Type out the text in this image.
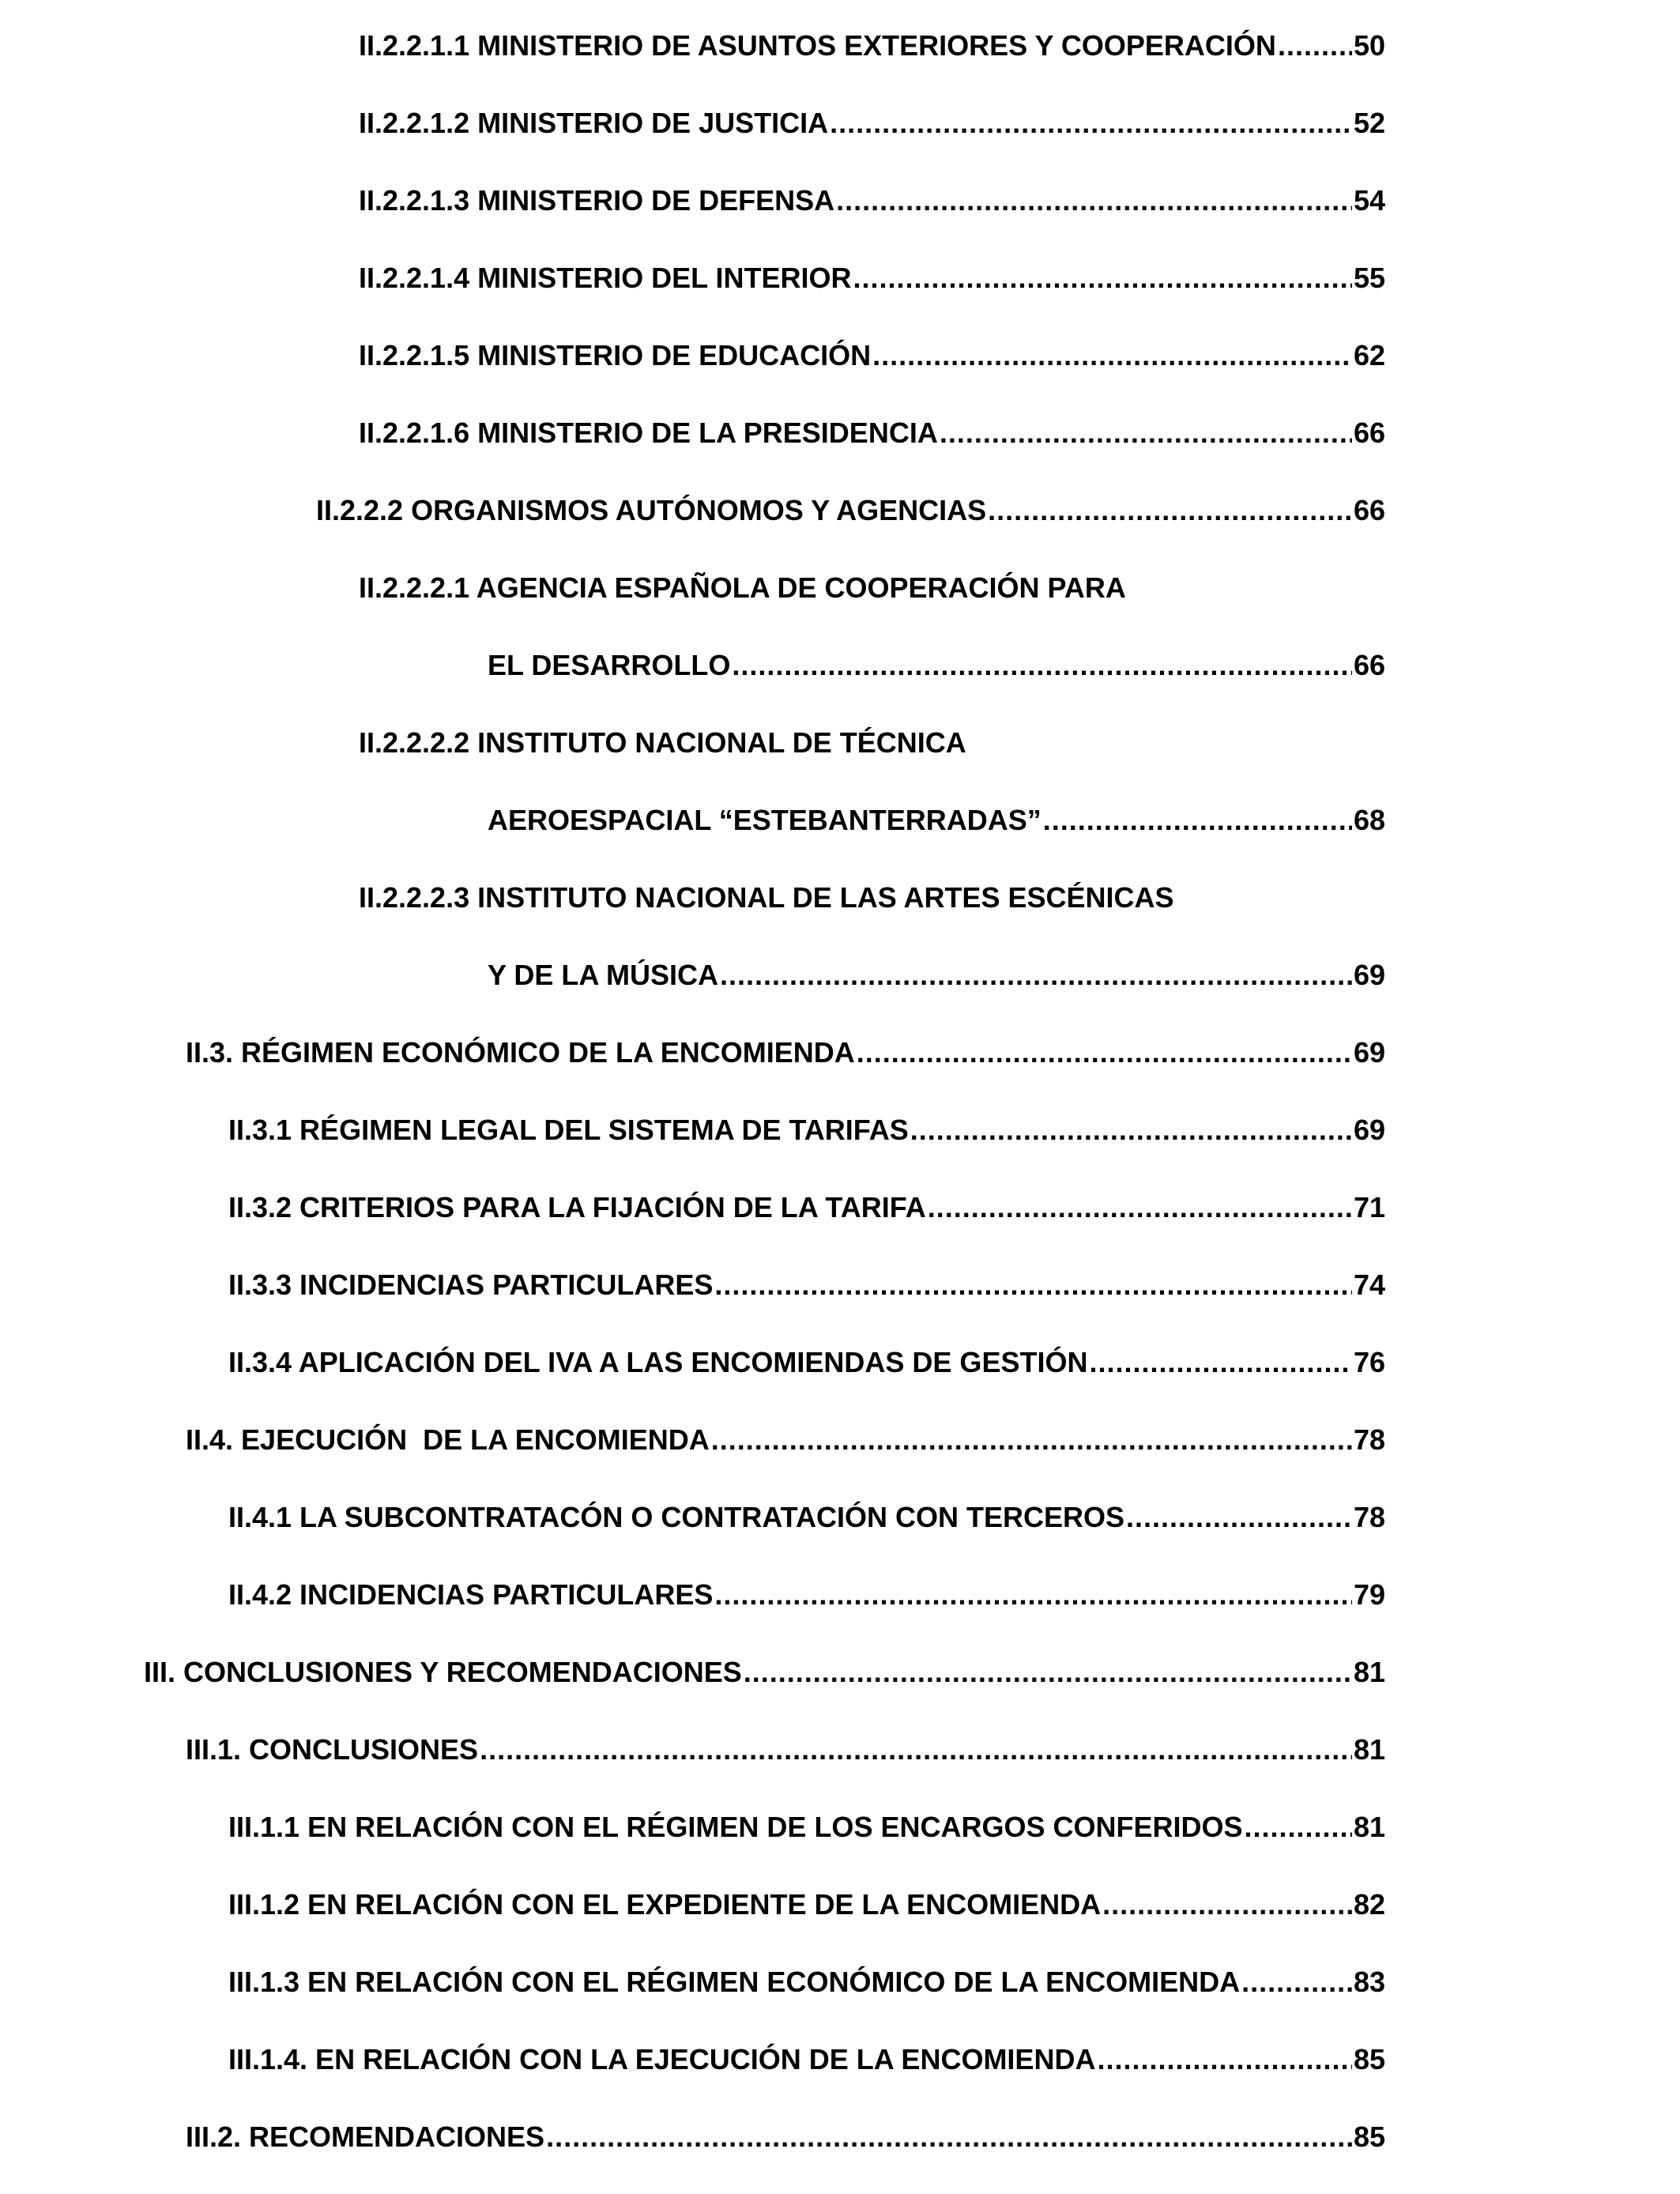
II.2.2.1.1 MINISTERIO DE ASUNTOS EXTERIORES Y COOPERACIÓN .....	50
II.2.2.1.2 MINISTERIO DE JUSTICIA .....	52
II.2.2.1.3 MINISTERIO DE DEFENSA .....	54
II.2.2.1.4 MINISTERIO DEL INTERIOR .....	55
II.2.2.1.5 MINISTERIO DE EDUCACIÓN .....	62
II.2.2.1.6 MINISTERIO DE LA PRESIDENCIA .....	66
II.2.2.2 ORGANISMOS AUTÓNOMOS Y AGENCIAS .....	66
II.2.2.2.1 AGENCIA ESPAÑOLA DE COOPERACIÓN PARA
EL DESARROLLO .....	66
II.2.2.2.2 INSTITUTO NACIONAL DE TÉCNICA
AEROESPACIAL “ESTEBANTERRADAS” .....	68
II.2.2.2.3 INSTITUTO NACIONAL DE LAS ARTES ESCÉNICAS
Y DE LA MÚSICA .....	69
II.3. RÉGIMEN ECONÓMICO DE LA ENCOMIENDA .....	69
II.3.1 RÉGIMEN LEGAL DEL SISTEMA DE TARIFAS .....	69
II.3.2 CRITERIOS PARA LA FIJACIÓN DE LA TARIFA .....	71
II.3.3 INCIDENCIAS PARTICULARES .....	74
II.3.4 APLICACIÓN DEL IVA A LAS ENCOMIENDAS DE GESTIÓN .....	76
II.4. EJECUCIÓN  DE LA ENCOMIENDA .....	78
II.4.1 LA SUBCONTRATACÓN O CONTRATACIÓN CON TERCEROS .....	78
II.4.2 INCIDENCIAS PARTICULARES .....	79
III. CONCLUSIONES Y RECOMENDACIONES .....	81
III.1. CONCLUSIONES .....	81
III.1.1 EN RELACIÓN CON EL RÉGIMEN DE LOS ENCARGOS CONFERIDOS .....	81
III.1.2 EN RELACIÓN CON EL EXPEDIENTE DE LA ENCOMIENDA .....	82
III.1.3 EN RELACIÓN CON EL RÉGIMEN ECONÓMICO DE LA ENCOMIENDA .....	83
III.1.4. EN RELACIÓN CON LA EJECUCIÓN DE LA ENCOMIENDA .....	85
III.2. RECOMENDACIONES .....	85
